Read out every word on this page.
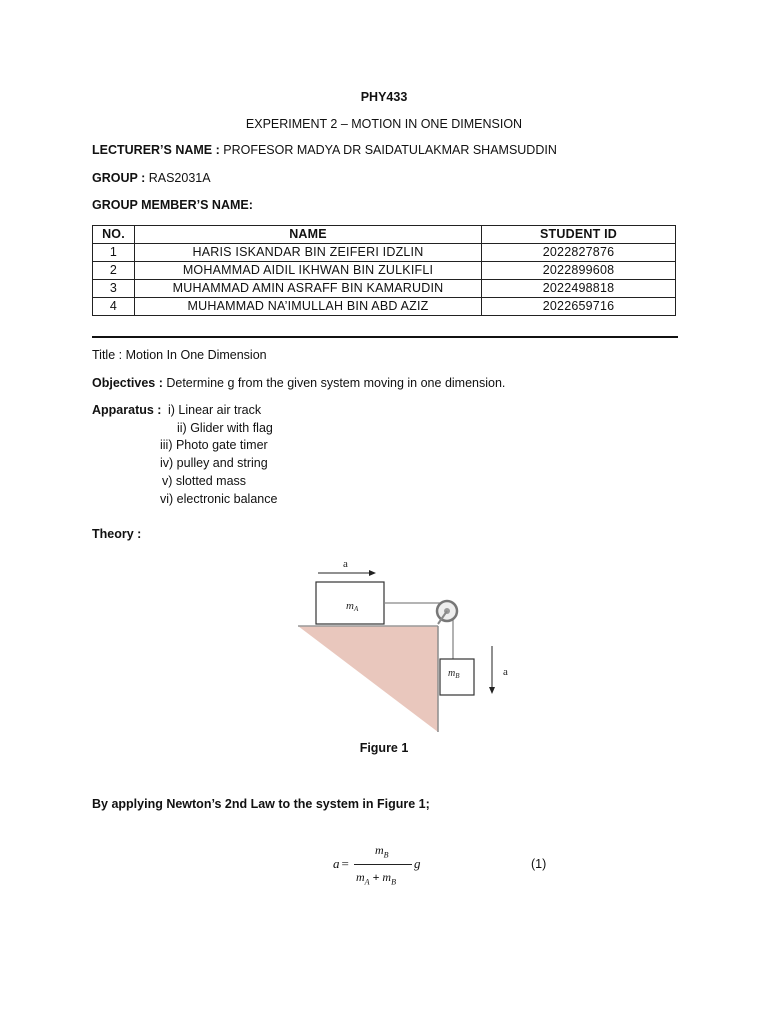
PHY433
EXPERIMENT 2 – MOTION IN ONE DIMENSION
LECTURER’S NAME : PROFESOR MADYA DR SAIDATULAKMAR SHAMSUDDIN
GROUP : RAS2031A
GROUP MEMBER’S NAME:
NO.	NAME	STUDENT ID
1	HARIS ISKANDAR BIN ZEIFERI IDZLIN	2022827876
2	MOHAMMAD AIDIL IKHWAN BIN ZULKIFLI	2022899608
3	MUHAMMAD AMIN ASRAFF BIN KAMARUDIN	2022498818
4	MUHAMMAD NA’IMULLAH BIN ABD AZIZ	2022659716
Title : Motion In One Dimension
Objectives : Determine g from the given system moving in one dimension.
Apparatus : i) Linear air track
ii) Glider with flag
iii) Photo gate timer
iv) pulley and string
v) slotted mass
vi) electronic balance
Theory :
mA
a
$m_B$	a
Figure 1
By applying Newton’s 2nd Law to the system in Figure 1;
a =
$m_B$
$m_A + m_B$
g	(1)
